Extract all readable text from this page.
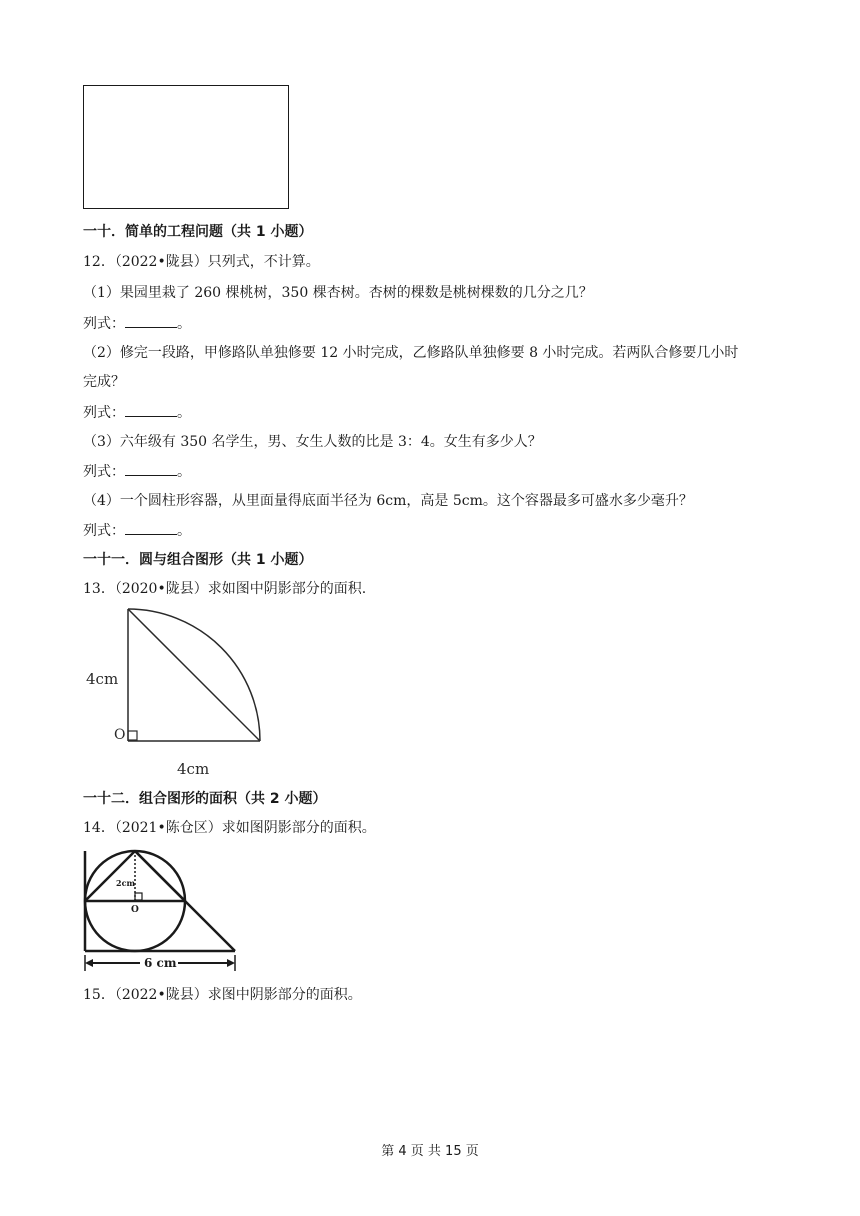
一十．简单的工程问题（共 1 小题）
12．（2022•陇县）只列式，不计算。
（1）果园里栽了 260 棵桃树，350 棵杏树。杏树的棵数是桃树棵数的几分之几？
列式：	。
（2）修完一段路，甲修路队单独修要 12 小时完成，乙修路队单独修要 8 小时完成。若两队合修要几小时
完成？
列式：	。
（3）六年级有 350 名学生，男、女生人数的比是 3：4。女生有多少人？
列式：	。
（4）一个圆柱形容器，从里面量得底面半径为 6cm，高是 5cm。这个容器最多可盛水多少毫升？
列式：	。
一十一．圆与组合图形（共 1 小题）
13．（2020•陇县）求如图中阴影部分的面积.
4cm
O
4cm
一十二．组合图形的面积（共 2 小题）
14．（2021•陈仓区）求如图阴影部分的面积。
2cm
O
6 cm
15．（2022•陇县）求图中阴影部分的面积。
第 4 页 共 15 页
